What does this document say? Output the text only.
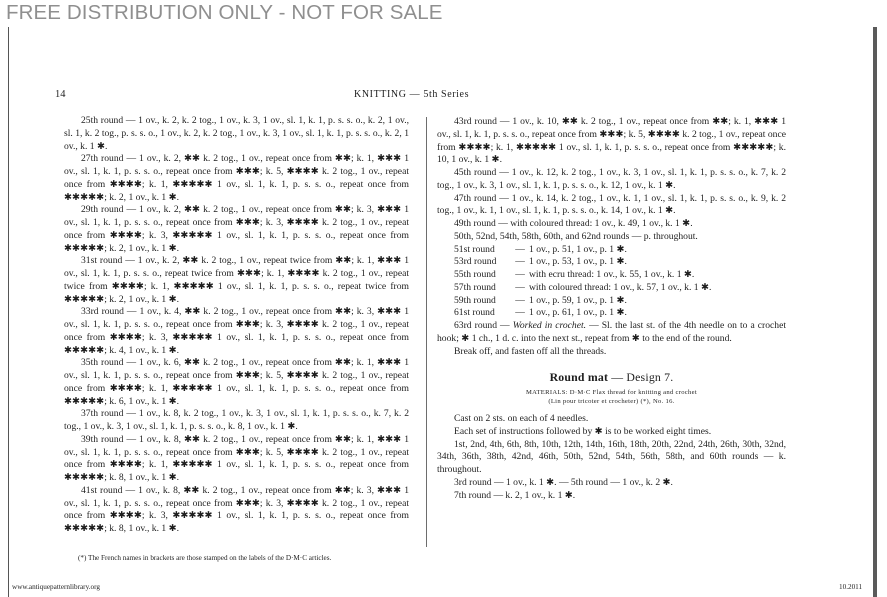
FREE DISTRIBUTION ONLY - NOT FOR SALE
14	KNITTING — 5th Series

25th round — 1 ov., k. 2, k. 2 tog., 1 ov., k. 3, 1 ov., sl. 1, k. 1, p. s. s. o., k. 2, 1 ov., sl. 1, k. 2 tog., p. s. s. o., 1 ov., k. 2, k. 2 tog., 1 ov., k. 3, 1 ov., sl. 1, k. 1, p. s. s. o., k. 2, 1 ov., k. 1 ✱.

27th round — 1 ov., k. 2, ✱✱ k. 2 tog., 1 ov., repeat once from ✱✱; k. 1, ✱✱✱ 1 ov., sl. 1, k. 1, p. s. s. o., repeat once from ✱✱✱; k. 5, ✱✱✱✱ k. 2 tog., 1 ov., repeat once from ✱✱✱✱; k. 1, ✱✱✱✱✱ 1 ov., sl. 1, k. 1, p. s. s. o., repeat once from ✱✱✱✱✱; k. 2, 1 ov., k. 1 ✱.

29th round — 1 ov., k. 2, ✱✱ k. 2 tog., 1 ov., repeat once from ✱✱; k. 3, ✱✱✱ 1 ov., sl. 1, k. 1, p. s. s. o., repeat once from ✱✱✱; k. 3, ✱✱✱✱ k. 2 tog., 1 ov., repeat once from ✱✱✱✱; k. 3, ✱✱✱✱✱ 1 ov., sl. 1, k. 1, p. s. s. o., repeat once from ✱✱✱✱✱; k. 2, 1 ov., k. 1 ✱.

31st round — 1 ov., k. 2, ✱✱ k. 2 tog., 1 ov., repeat twice from ✱✱; k. 1, ✱✱✱ 1 ov., sl. 1, k. 1, p. s. s. o., repeat twice from ✱✱✱; k. 1, ✱✱✱✱ k. 2 tog., 1 ov., repeat twice from ✱✱✱✱; k. 1, ✱✱✱✱✱ 1 ov., sl. 1, k. 1, p. s. s. o., repeat twice from ✱✱✱✱✱; k. 2, 1 ov., k. 1 ✱.

33rd round — 1 ov., k. 4, ✱✱ k. 2 tog., 1 ov., repeat once from ✱✱; k. 3, ✱✱✱ 1 ov., sl. 1, k. 1, p. s. s. o., repeat once from ✱✱✱; k. 3, ✱✱✱✱ k. 2 tog., 1 ov., repeat once from ✱✱✱✱; k. 3, ✱✱✱✱✱ 1 ov., sl. 1, k. 1, p. s. s. o., repeat once from ✱✱✱✱✱; k. 4, 1 ov., k. 1 ✱.

35th round — 1 ov., k. 6, ✱✱ k. 2 tog., 1 ov., repeat once from ✱✱; k. 1, ✱✱✱ 1 ov., sl. 1, k. 1, p. s. s. o., repeat once from ✱✱✱; k. 5, ✱✱✱✱ k. 2 tog., 1 ov., repeat once from ✱✱✱✱; k. 1, ✱✱✱✱✱ 1 ov., sl. 1, k. 1, p. s. s. o., repeat once from ✱✱✱✱✱; k. 6, 1 ov., k. 1 ✱.

37th round — 1 ov., k. 8, k. 2 tog., 1 ov., k. 3, 1 ov., sl. 1, k. 1, p. s. s. o., k. 7, k. 2 tog., 1 ov., k. 3, 1 ov., sl. 1, k. 1, p. s. s. o., k. 8, 1 ov., k. 1 ✱.

39th round — 1 ov., k. 8, ✱✱ k. 2 tog., 1 ov., repeat once from ✱✱; k. 1, ✱✱✱ 1 ov., sl. 1, k. 1, p. s. s. o., repeat once from ✱✱✱; k. 5, ✱✱✱✱ k. 2 tog., 1 ov., repeat once from ✱✱✱✱; k. 1, ✱✱✱✱✱ 1 ov., sl. 1, k. 1, p. s. s. o., repeat once from ✱✱✱✱✱; k. 8, 1 ov., k. 1 ✱.

41st round — 1 ov., k. 8, ✱✱ k. 2 tog., 1 ov., repeat once from ✱✱; k. 3, ✱✱✱ 1 ov., sl. 1, k. 1, p. s. s. o., repeat once from ✱✱✱; k. 3, ✱✱✱✱ k. 2 tog., 1 ov., repeat once from ✱✱✱✱; k. 3, ✱✱✱✱✱ 1 ov., sl. 1, k. 1, p. s. s. o., repeat once from ✱✱✱✱✱; k. 8, 1 ov., k. 1 ✱.

43rd round — 1 ov., k. 10, ✱✱ k. 2 tog., 1 ov., repeat once from ✱✱; k. 1, ✱✱✱ 1 ov., sl. 1, k. 1, p. s. s. o., repeat once from ✱✱✱; k. 5, ✱✱✱✱ k. 2 tog., 1 ov., repeat once from ✱✱✱✱; k. 1, ✱✱✱✱✱ 1 ov., sl. 1, k. 1, p. s. s. o., repeat once from ✱✱✱✱✱; k. 10, 1 ov., k. 1 ✱.

45th round — 1 ov., k. 12, k. 2 tog., 1 ov., k. 3, 1 ov., sl. 1, k. 1, p. s. s. o., k. 7, k. 2 tog., 1 ov., k. 3, 1 ov., sl. 1, k. 1, p. s. s. o., k. 12, 1 ov., k. 1 ✱.

47th round — 1 ov., k. 14, k. 2 tog., 1 ov., k. 1, 1 ov., sl. 1, k. 1, p. s. s. o., k. 9, k. 2 tog., 1 ov., k. 1, 1 ov., sl. 1, k. 1, p. s. s. o., k. 14, 1 ov., k. 1 ✱.

49th round — with coloured thread: 1 ov., k. 49, 1 ov., k. 1 ✱.

50th, 52nd, 54th, 58th, 60th, and 62nd rounds — p. throughout.

51st round	— 1 ov., p. 51, 1 ov., p. 1 ✱.
53rd round	— 1 ov., p. 53, 1 ov., p. 1 ✱.
55th round	— with ecru thread: 1 ov., k. 55, 1 ov., k. 1 ✱.
57th round	— with coloured thread: 1 ov., k. 57, 1 ov., k. 1 ✱.
59th round	— 1 ov., p. 59, 1 ov., p. 1 ✱.
61st round	— 1 ov., p. 61, 1 ov., p. 1 ✱.

63rd round — Worked in crochet. — Sl. the last st. of the 4th needle on to a crochet hook; ✱ 1 ch., 1 d. c. into the next st., repeat from ✱ to the end of the round.

Break off, and fasten off all the threads.

Round mat — Design 7.

MATERIALS: D·M·C Flax thread for knitting and crochet

(Lin pour tricoter et crocheter) (*), No. 16.

Cast on 2 sts. on each of 4 needles.

Each set of instructions followed by ✱ is to be worked eight times.

1st, 2nd, 4th, 6th, 8th, 10th, 12th, 14th, 16th, 18th, 20th, 22nd, 24th, 26th, 30th, 32nd, 34th, 36th, 38th, 42nd, 46th, 50th, 52nd, 54th, 56th, 58th, and 60th rounds — k. throughout.

3rd round — 1 ov., k. 1 ✱. — 5th round — 1 ov., k. 2 ✱.

7th round — k. 2, 1 ov., k. 1 ✱.

(*) The French names in brackets are those stamped on the labels of the D·M·C articles.
www.antiquepatternlibrary.org	10.2011
